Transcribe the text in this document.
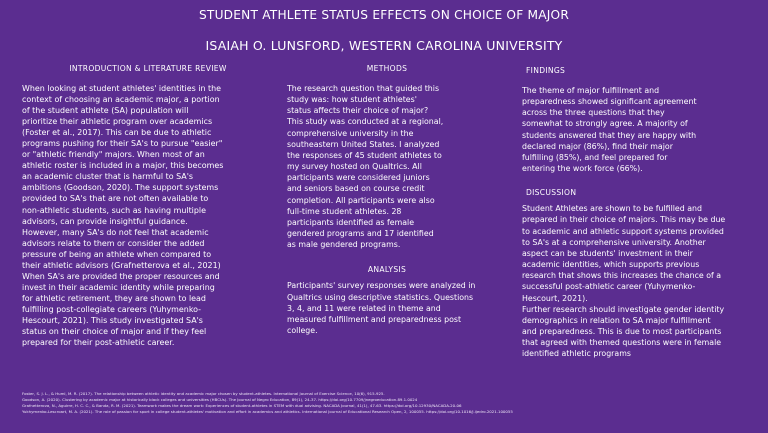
STUDENT ATHLETE STATUS EFFECTS ON CHOICE OF MAJOR
ISAIAH O. LUNSFORD, WESTERN CAROLINA UNIVERSITY
INTRODUCTION & LITERATURE REVIEW

When looking at student athletes' identities in the
context of choosing an academic major, a portion
of the student athlete (SA) population will
prioritize their athletic program over academics
(Foster et al., 2017). This can be due to athletic
programs pushing for their SA's to pursue "easier"
or "athletic friendly" majors. When most of an
athletic roster is included in a major, this becomes
an academic cluster that is harmful to SA's
ambitions (Goodson, 2020). The support systems
provided to SA's that are not often available to
non-athletic students, such as having multiple
advisors, can provide insightful guidance.
However, many SA's do not feel that academic
advisors relate to them or consider the added
pressure of being an athlete when compared to
their athletic advisors (Grafnetterova et al., 2021)
When SA's are provided the proper resources and
invest in their academic identity while preparing
for athletic retirement, they are shown to lead
fulfilling post-collegiate careers (Yuhymenko-
Hescourt, 2021). This study investigated SA's
status on their choice of major and if they feel
prepared for their post-athletic career.

METHODS

The research question that guided this
study was: how student athletes'
status affects their choice of major?
This study was conducted at a regional,
comprehensive university in the
southeastern United States. I analyzed
the responses of 45 student athletes to
my survey hosted on Qualtrics. All
participants were considered juniors
and seniors based on course credit
completion. All participants were also
full-time student athletes. 28
participants identified as female
gendered programs and 17 identified
as male gendered programs.

ANALYSIS

Participants' survey responses were analyzed in
Qualtrics using descriptive statistics. Questions
3, 4, and 11 were related in theme and
measured fulfillment and preparedness post
college.

FINDINGS

The theme of major fulfillment and
preparedness showed significant agreement
across the three questions that they
somewhat to strongly agree. A majority of
students answered that they are happy with
declared major (86%), find their major
fulfilling (85%), and feel prepared for
entering the work force (66%).

DISCUSSION

Student Athletes are shown to be fulfilled and
prepared in their choice of majors. This may be due
to academic and athletic support systems provided
to SA's at a comprehensive university. Another
aspect can be students' investment in their
academic identities, which supports previous
research that shows this increases the chance of a
successful post-athletic career (Yuhymenko-
Hescourt, 2021).
Further research should investigate gender identity
demographics in relation to SA major fulfillment
and preparedness. This is due to most participants
that agreed with themed questions were in female
identified athletic programs

Foster, S. J. L., & Huml, M. R. (2017). The relationship between athletic identity and academic major chosen by student-athletes. International Journal of Exercise Science, 10(6), 915-925.
Goodson, A. (2020). Clustering by academic major at historically black colleges and universities (HBCUs). The Journal of Negro Education, 89(1), 24-37. https://doi.org/10.7709/jnegroeducation.89.1.0024
Grafnetterova, N., Aguirre, H. C. C., & Banda, R. M. (2021). Teamwork makes the dream work: Experiences of student-athletes in STEM with dual advising. NACADA Journal, 41(1), 47-63. https://doi.org/10.12930/NACADA-20-06
Yukhymenko-Lescroart, M. A. (2021). The role of passion for sport in college student-athletes' motivation and effort in academics and athletics. International Journal of Educational Research Open, 2, 100055. https://doi.org/10.1016/j.ijedro.2021.100055
